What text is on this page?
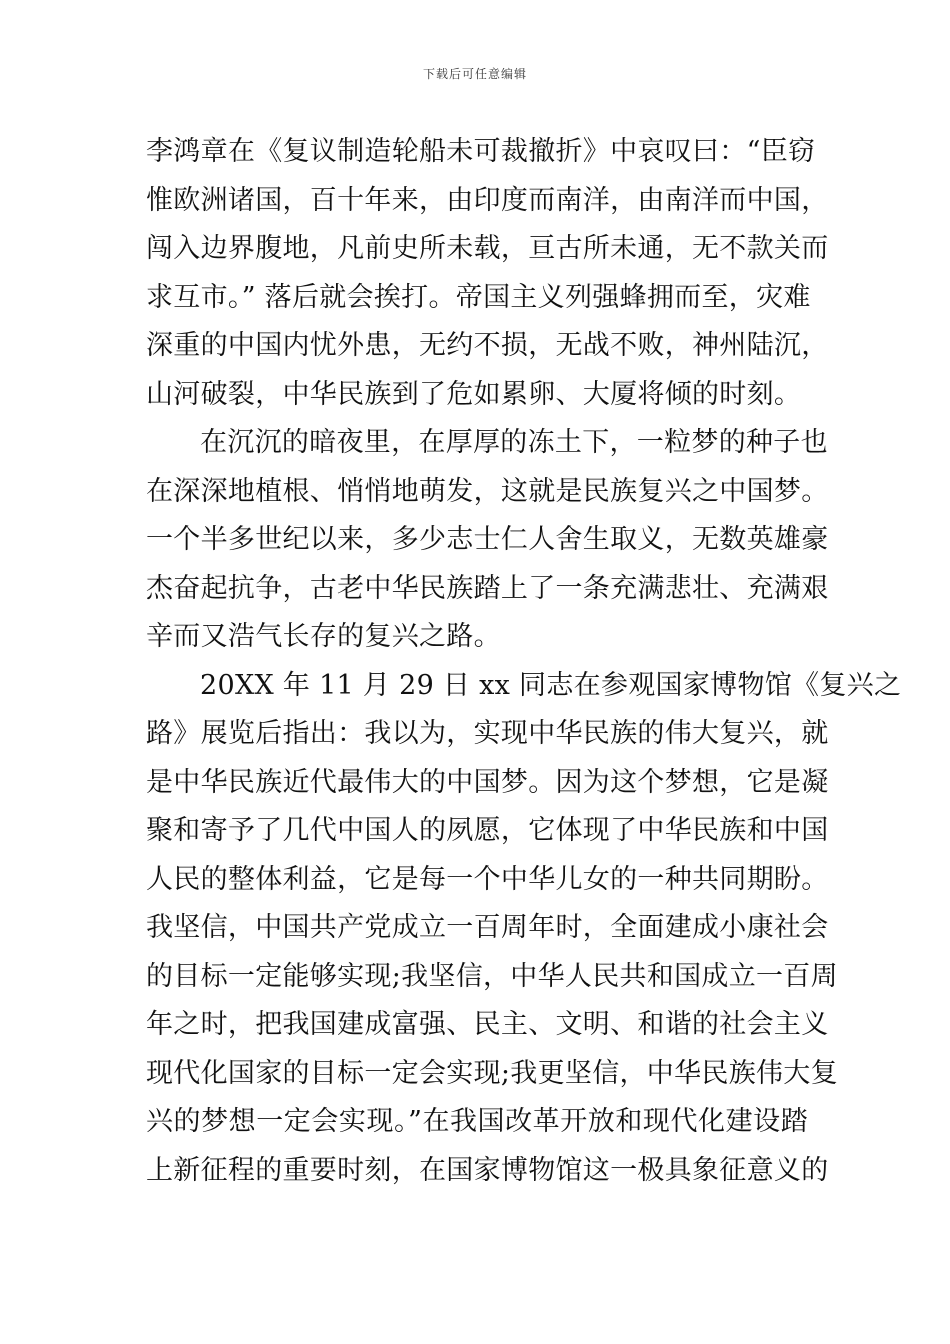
下载后可任意编辑
李鸿章在《复议制造轮船未可裁撤折》中哀叹曰：“臣窃
惟欧洲诸国，百十年来，由印度而南洋，由南洋而中国，
闯入边界腹地，凡前史所未载，亘古所未通，无不款关而
求互市。” 落后就会挨打。帝国主义列强蜂拥而至，灾难
深重的中国内忧外患，无约不损，无战不败，神州陆沉，
山河破裂，中华民族到了危如累卵、大厦将倾的时刻。
在沉沉的暗夜里，在厚厚的冻土下，一粒梦的种子也
在深深地植根、悄悄地萌发，这就是民族复兴之中国梦。
一个半多世纪以来，多少志士仁人舍生取义，无数英雄豪
杰奋起抗争，古老中华民族踏上了一条充满悲壮、充满艰
辛而又浩气长存的复兴之路。
20XX 年 11 月 29 日 xx 同志在参观国家博物馆《复兴之
路》展览后指出：我以为，实现中华民族的伟大复兴，就
是中华民族近代最伟大的中国梦。因为这个梦想，它是凝
聚和寄予了几代中国人的夙愿，它体现了中华民族和中国
人民的整体利益，它是每一个中华儿女的一种共同期盼。
我坚信，中国共产党成立一百周年时，全面建成小康社会
的目标一定能够实现;我坚信，中华人民共和国成立一百周
年之时，把我国建成富强、民主、文明、和谐的社会主义
现代化国家的目标一定会实现;我更坚信，中华民族伟大复
兴的梦想一定会实现。”在我国改革开放和现代化建设踏
上新征程的重要时刻，在国家博物馆这一极具象征意义的
